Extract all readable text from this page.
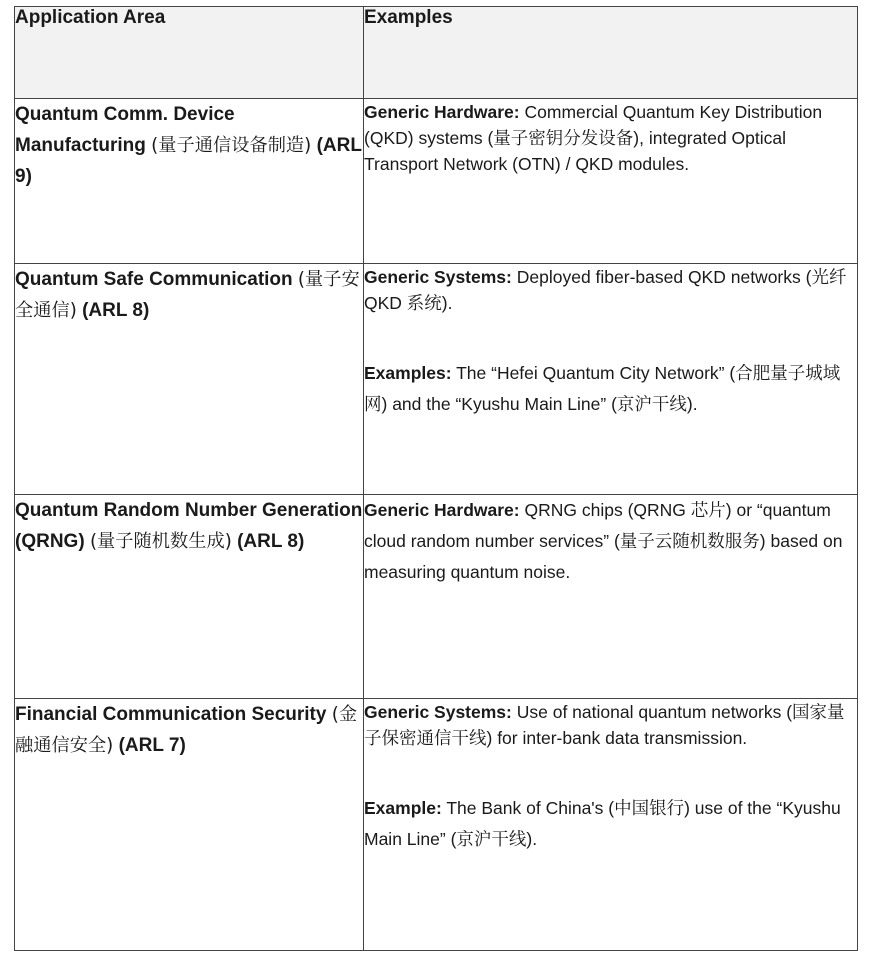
Application Area	Examples
Quantum Comm. Device Manufacturing (量子通信设备制造) (ARL 9)	Generic Hardware: Commercial Quantum Key Distribution (QKD) systems (量子密钥分发设备), integrated Optical Transport Network (OTN) / QKD modules.

Quantum Safe Communication (量子安全通信) (ARL 8)	Generic Systems: Deployed fiber-based QKD networks (光纤 QKD 系统).

Examples: The “Hefei Quantum City Network” (合肥量子城域网) and the “Kyushu Main Line” (京沪干线).

Quantum Random Number Generation (QRNG) (量子随机数生成) (ARL 8)	Generic Hardware: QRNG chips (QRNG 芯片) or “quantum cloud random number services” (量子云随机数服务) based on measuring quantum noise.

Financial Communication Security (金融通信安全) (ARL 7)	Generic Systems: Use of national quantum networks (国家量子保密通信干线) for inter-bank data transmission.

Example: The Bank of China's (中国银行) use of the “Kyushu Main Line” (京沪干线).
